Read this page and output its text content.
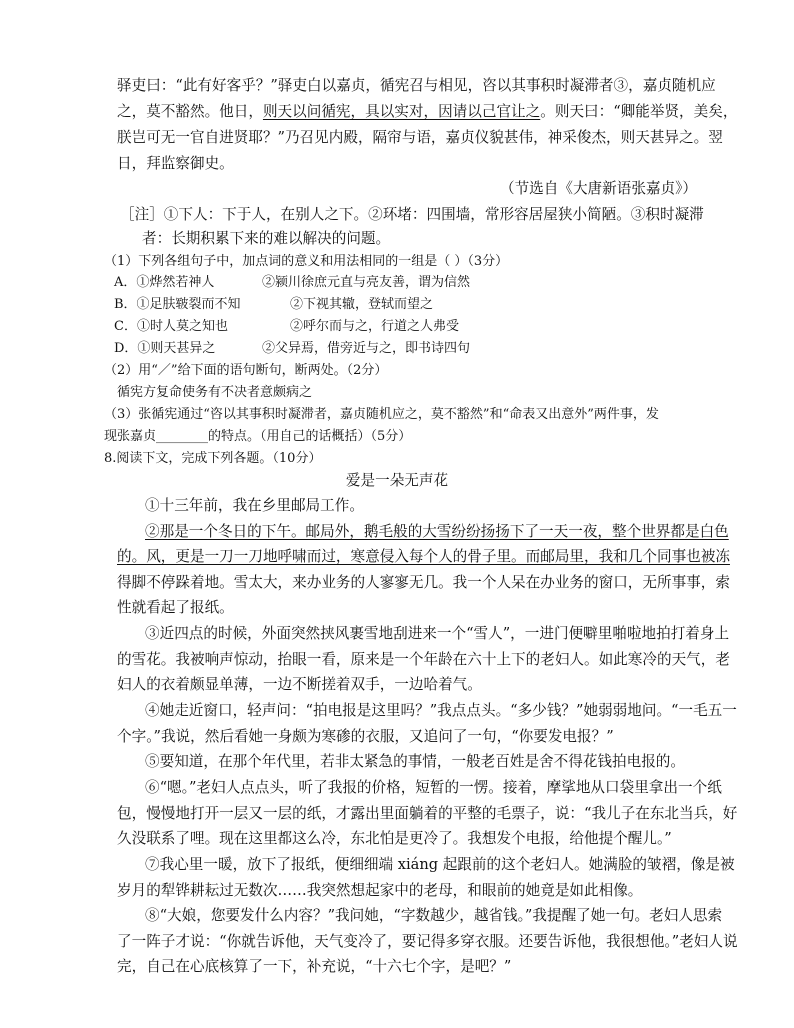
驿吏曰：“此有好客乎？”驿吏白以嘉贞，循宪召与相见，咨以其事积时凝滞者③，嘉贞随机应
之，莫不豁然。他日，则天以问循宪，具以实对，因请以己官让之。则天曰：“卿能举贤，美矣，
朕岂可无一官自进贤耶？”乃召见内殿，隔帘与语，嘉贞仪貌甚伟，神采俊杰，则天甚异之。翌
日，拜监察御史。
（节选自《大唐新语张嘉贞》）
［注］①下人：下于人，在别人之下。②环堵：四围墙，常形容居屋狭小简陋。③积时凝滞
者：长期积累下来的难以解决的问题。
（1）下列各组句子中，加点词的意义和用法相同的一组是（ ）（3分）
A．①烨然若神人	②颍川徐庶元直与亮友善，谓为信然
B．①足肤皲裂而不知	②下视其辙，登轼而望之
C．①时人莫之知也	②呼尔而与之，行道之人弗受
D．①则天甚异之	②父异焉，借旁近与之，即书诗四句
（2）用“／”给下面的语句断句，断两处。（2分）
循宪方复命使务有不决者意颇病之
（3）张循宪通过“咨以其事积时凝滞者，嘉贞随机应之，莫不豁然”和“命表又出意外”两件事，发
现张嘉贞________的特点。（用自己的话概括）（5分）
8.阅读下文，完成下列各题。（10分）
爱是一朵无声花
①十三年前，我在乡里邮局工作。
②那是一个冬日的下午。邮局外，鹅毛般的大雪纷纷扬扬下了一天一夜，整个世界都是白色
的。风，更是一刀一刀地呼啸而过，寒意侵入每个人的骨子里。而邮局里，我和几个同事也被冻
得脚不停跺着地。雪太大，来办业务的人寥寥无几。我一个人呆在办业务的窗口，无所事事，索
性就看起了报纸。
③近四点的时候，外面突然挟风裹雪地刮进来一个“雪人”，一进门便噼里啪啦地拍打着身上
的雪花。我被响声惊动，抬眼一看，原来是一个年龄在六十上下的老妇人。如此寒冷的天气，老
妇人的衣着颇显单薄，一边不断搓着双手，一边哈着气。
④她走近窗口，轻声问：“拍电报是这里吗？”我点点头。“多少钱？”她弱弱地问。“一毛五一
个字。”我说，然后看她一身颇为寒碜的衣服，又追问了一句，“你要发电报？”
⑤要知道，在那个年代里，若非太紧急的事情，一般老百姓是舍不得花钱拍电报的。
⑥“嗯。”老妇人点点头，听了我报的价格，短暂的一愣。接着，摩挲地从口袋里拿出一个纸
包，慢慢地打开一层又一层的纸，才露出里面躺着的平整的毛票子，说：“我儿子在东北当兵，好
久没联系了哩。现在这里都这么冷，东北怕是更冷了。我想发个电报，给他提个醒儿。”
⑦我心里一暖，放下了报纸，便细细端 xiáng 起跟前的这个老妇人。她满脸的皱褶，像是被
岁月的犁铧耕耘过无数次……我突然想起家中的老母，和眼前的她竟是如此相像。
⑧“大娘，您要发什么内容？”我问她，“字数越少，越省钱。”我提醒了她一句。老妇人思索
了一阵子才说：“你就告诉他，天气变冷了，要记得多穿衣服。还要告诉他，我很想他。”老妇人说
完，自己在心底核算了一下，补充说，“十六七个字，是吧？”
